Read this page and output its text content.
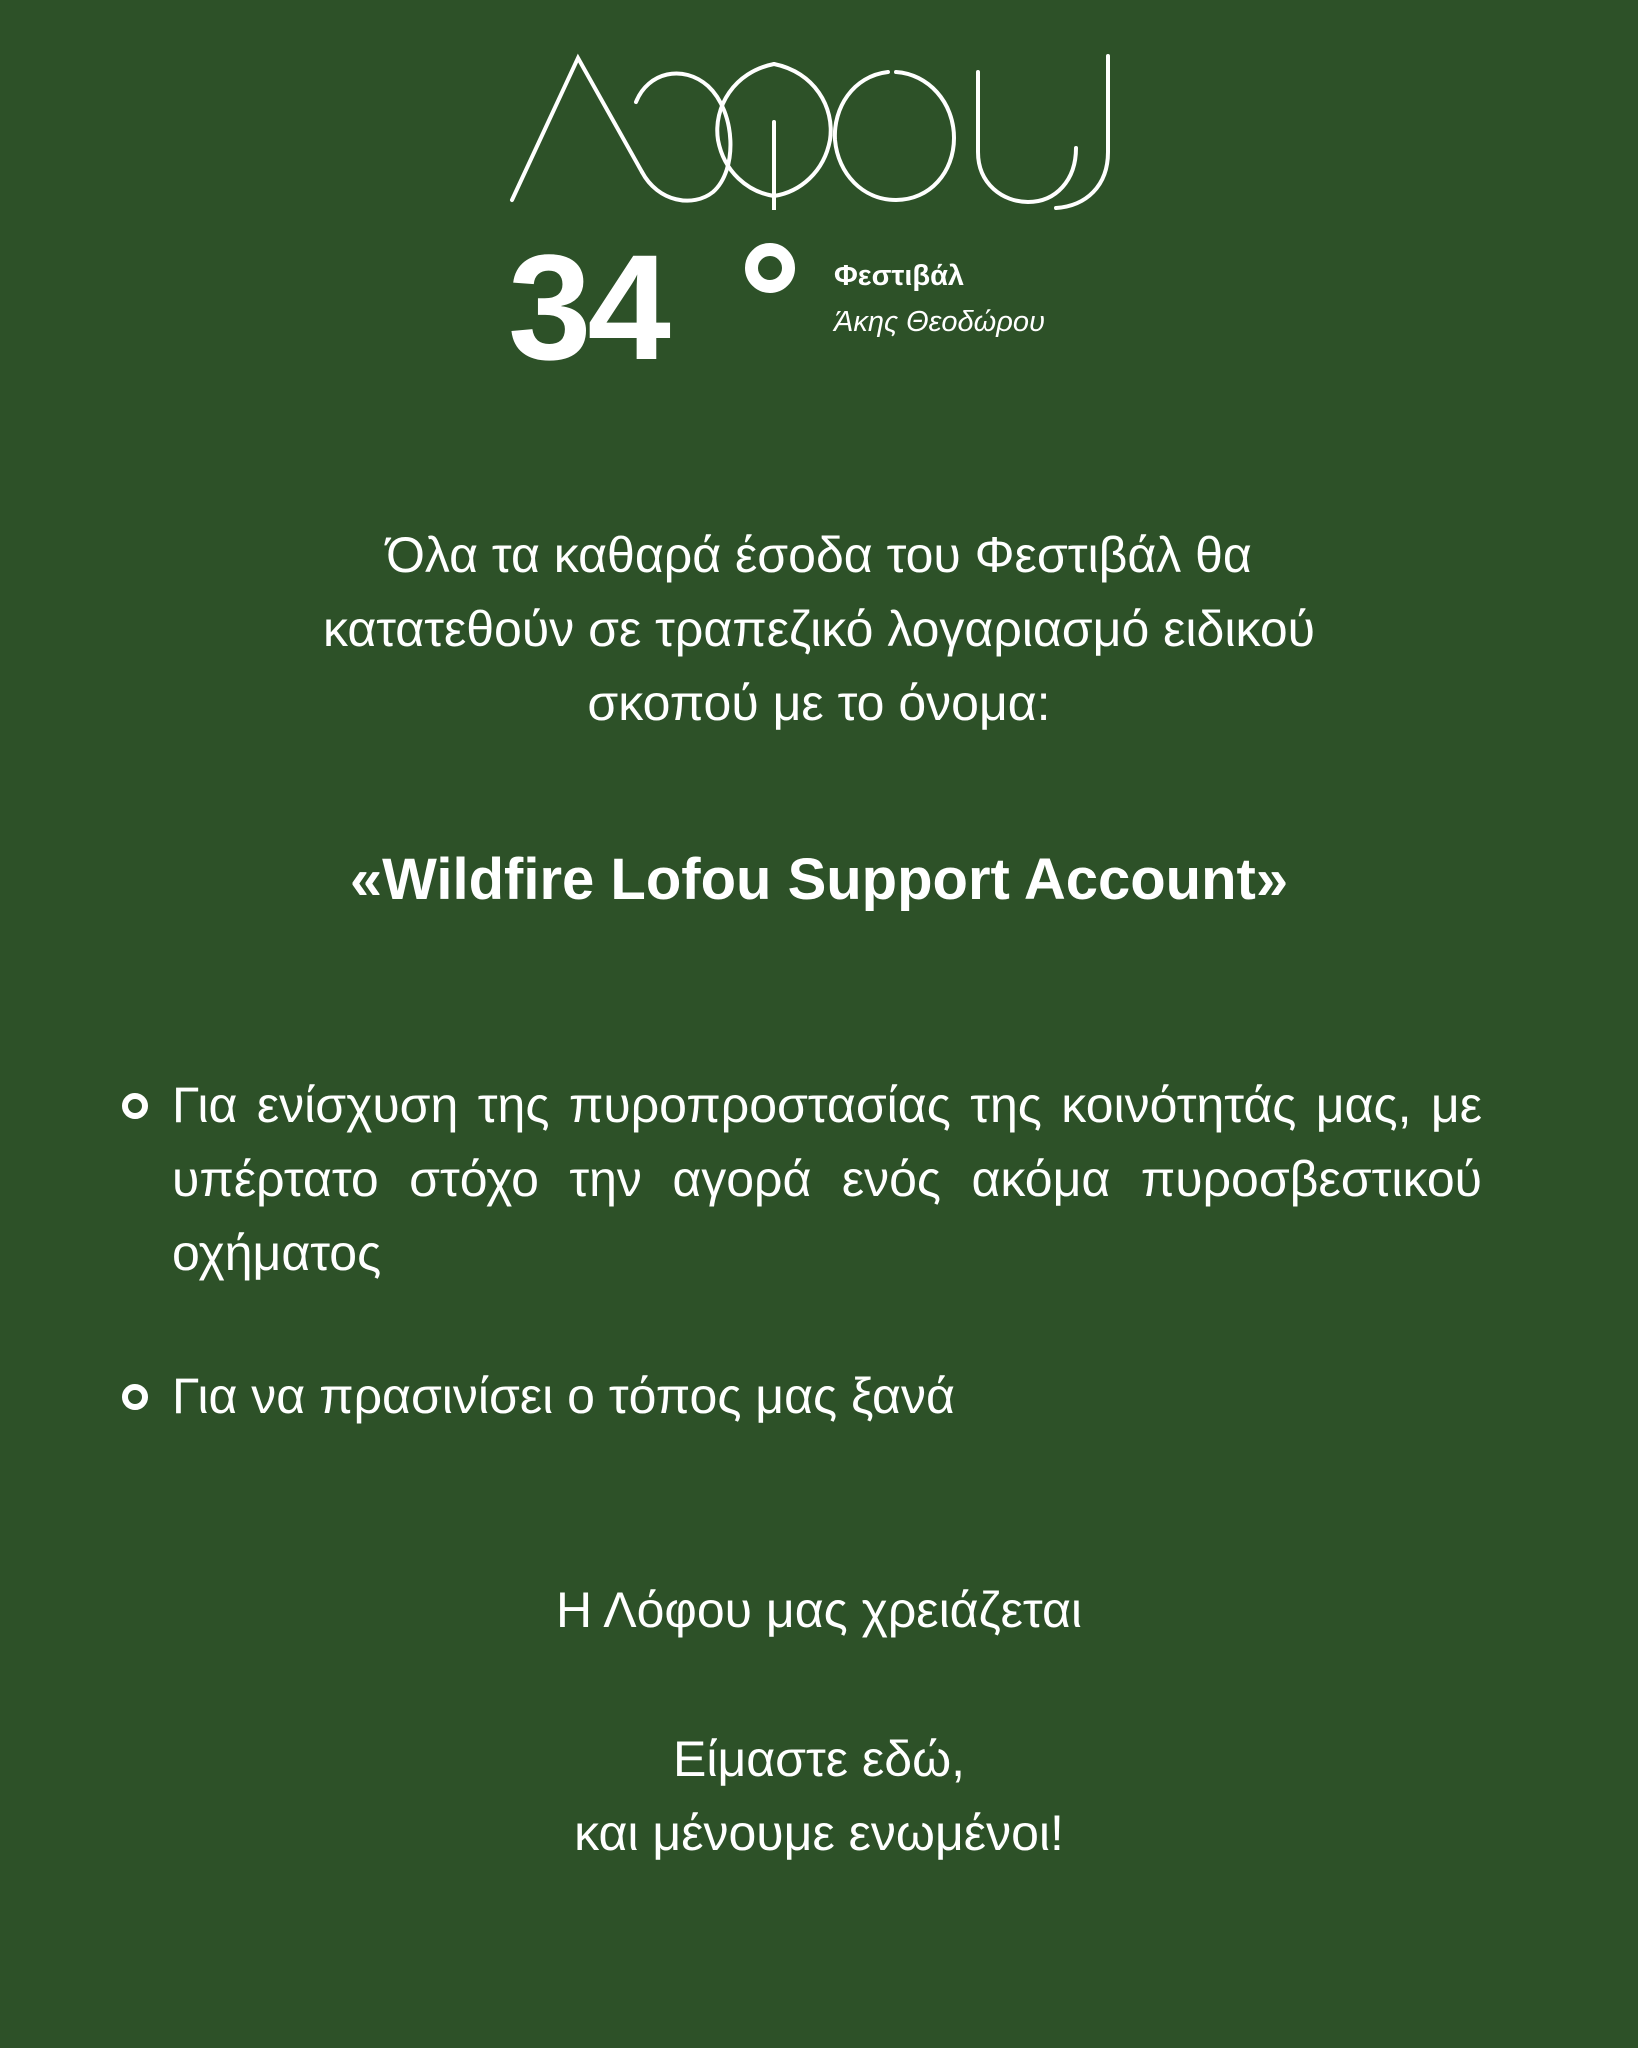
34	Φεστιβάλ
Άκης Θεοδώρου

Όλα τα καθαρά έσοδα του Φεστιβάλ θα
κατατεθούν σε τραπεζικό λογαριασμό ειδικού
σκοπού με το όνομα:

«Wildfire Lofou Support Account»

Για ενίσχυση της πυροπροστασίας της κοινότητάς μας, με υπέρτατο στόχο την αγορά ενός ακόμα πυροσβεστικού οχήματος
Για να πρασινίσει ο τόπος μας ξανά

Η Λόφου μας χρειάζεται

Είμαστε εδώ,
και μένουμε ενωμένοι!
